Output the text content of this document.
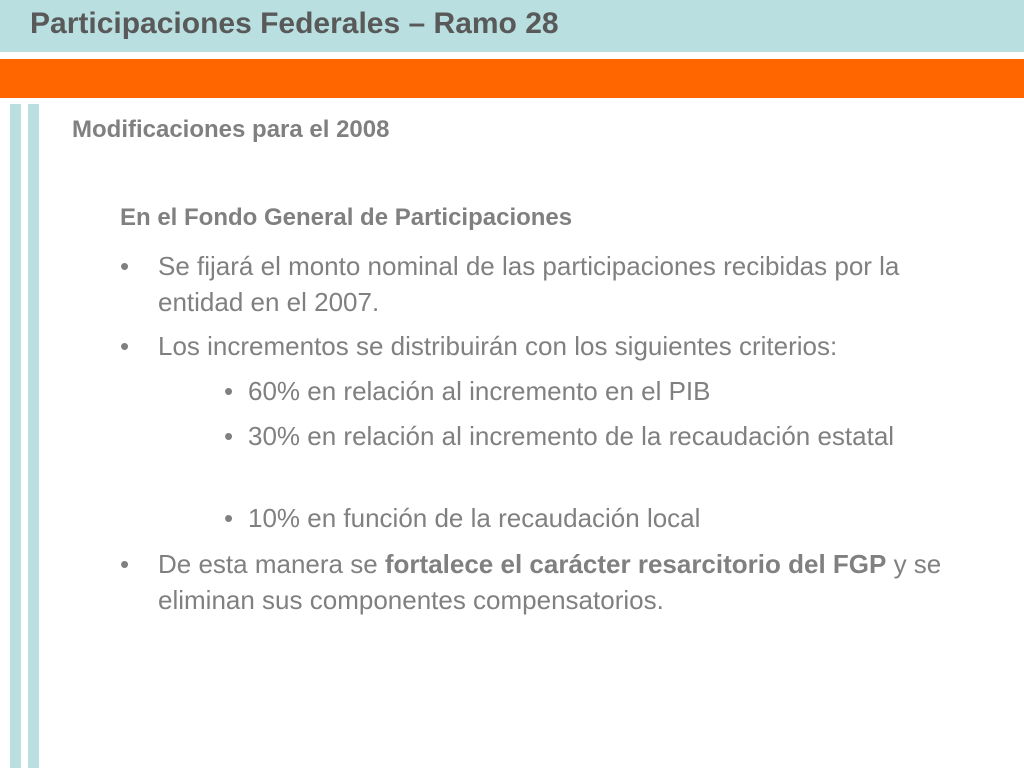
Participaciones Federales – Ramo 28
Modificaciones para el 2008
En el Fondo General de Participaciones
• Se fijará el monto nominal de las participaciones recibidas por la entidad en el 2007.
• Los incrementos se distribuirán con los siguientes criterios:
• 60% en relación al incremento en el PIB
• 30% en relación al incremento de la recaudación estatal
• 10% en función de la recaudación local
• De esta manera se fortalece el carácter resarcitorio del FGP y se eliminan sus componentes compensatorios.
